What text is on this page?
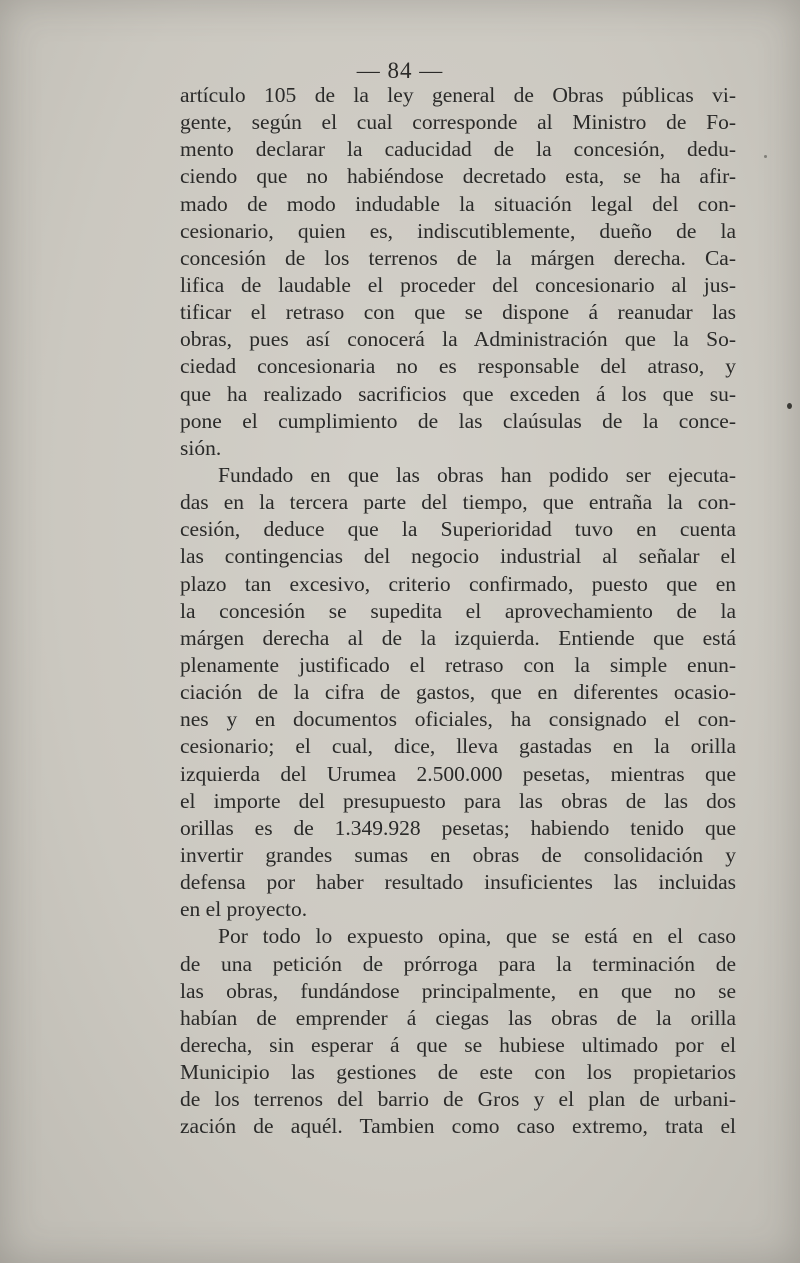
— 84 —
artículo 105 de la ley general de Obras públicas vi-
gente, según el cual corresponde al Ministro de Fo-
mento declarar la caducidad de la concesión, dedu-
ciendo que no habiéndose decretado esta, se ha afir-
mado de modo indudable la situación legal del con-
cesionario, quien es, indiscutiblemente, dueño de la
concesión de los terrenos de la márgen derecha. Ca-
lifica de laudable el proceder del concesionario al jus-
tificar el retraso con que se dispone á reanudar las
obras, pues así conocerá la Administración que la So-
ciedad concesionaria no es responsable del atraso, y
que ha realizado sacrificios que exceden á los que su-
pone el cumplimiento de las claúsulas de la conce-
sión.
Fundado en que las obras han podido ser ejecuta-
das en la tercera parte del tiempo, que entraña la con-
cesión, deduce que la Superioridad tuvo en cuenta
las contingencias del negocio industrial al señalar el
plazo tan excesivo, criterio confirmado, puesto que en
la concesión se supedita el aprovechamiento de la
márgen derecha al de la izquierda. Entiende que está
plenamente justificado el retraso con la simple enun-
ciación de la cifra de gastos, que en diferentes ocasio-
nes y en documentos oficiales, ha consignado el con-
cesionario; el cual, dice, lleva gastadas en la orilla
izquierda del Urumea 2.500.000 pesetas, mientras que
el importe del presupuesto para las obras de las dos
orillas es de 1.349.928 pesetas; habiendo tenido que
invertir grandes sumas en obras de consolidación y
defensa por haber resultado insuficientes las incluidas
en el proyecto.
Por todo lo expuesto opina, que se está en el caso
de una petición de prórroga para la terminación de
las obras, fundándose principalmente, en que no se
habían de emprender á ciegas las obras de la orilla
derecha, sin esperar á que se hubiese ultimado por el
Municipio las gestiones de este con los propietarios
de los terrenos del barrio de Gros y el plan de urbani-
zación de aquél. Tambien como caso extremo, trata el
